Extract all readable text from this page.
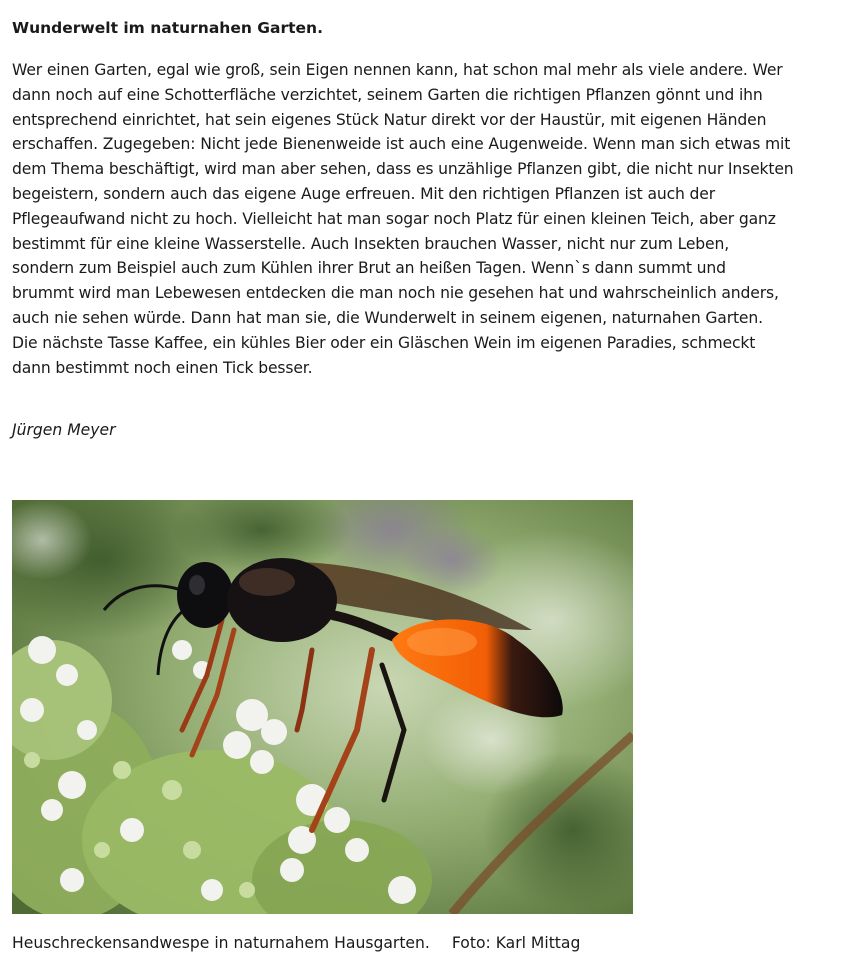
Wunderwelt im naturnahen Garten.
Wer einen Garten, egal wie groß, sein Eigen nennen kann, hat schon mal mehr als viele andere. Wer
dann noch auf eine Schotterfläche verzichtet, seinem Garten die richtigen Pflanzen gönnt und ihn
entsprechend einrichtet, hat sein eigenes Stück Natur direkt vor der Haustür, mit eigenen Händen
erschaffen. Zugegeben: Nicht jede Bienenweide ist auch eine Augenweide. Wenn man sich etwas mit
dem Thema beschäftigt, wird man aber sehen, dass es unzählige Pflanzen gibt, die nicht nur Insekten
begeistern, sondern auch das eigene Auge erfreuen. Mit den richtigen Pflanzen ist auch der
Pflegeaufwand nicht zu hoch. Vielleicht hat man sogar noch Platz für einen kleinen Teich, aber ganz
bestimmt für eine kleine Wasserstelle. Auch Insekten brauchen Wasser, nicht nur zum Leben,
sondern zum Beispiel auch zum Kühlen ihrer Brut an heißen Tagen. Wenn`s dann summt und
brummt wird man Lebewesen entdecken die man noch nie gesehen hat und wahrscheinlich anders,
auch nie sehen würde. Dann hat man sie, die Wunderwelt in seinem eigenen, naturnahen Garten.
Die nächste Tasse Kaffee, ein kühles Bier oder ein Gläschen Wein im eigenen Paradies, schmeckt
dann bestimmt noch einen Tick besser.
Jürgen Meyer
Heuschreckensandwespe in naturnahem Hausgarten. Foto: Karl Mittag
